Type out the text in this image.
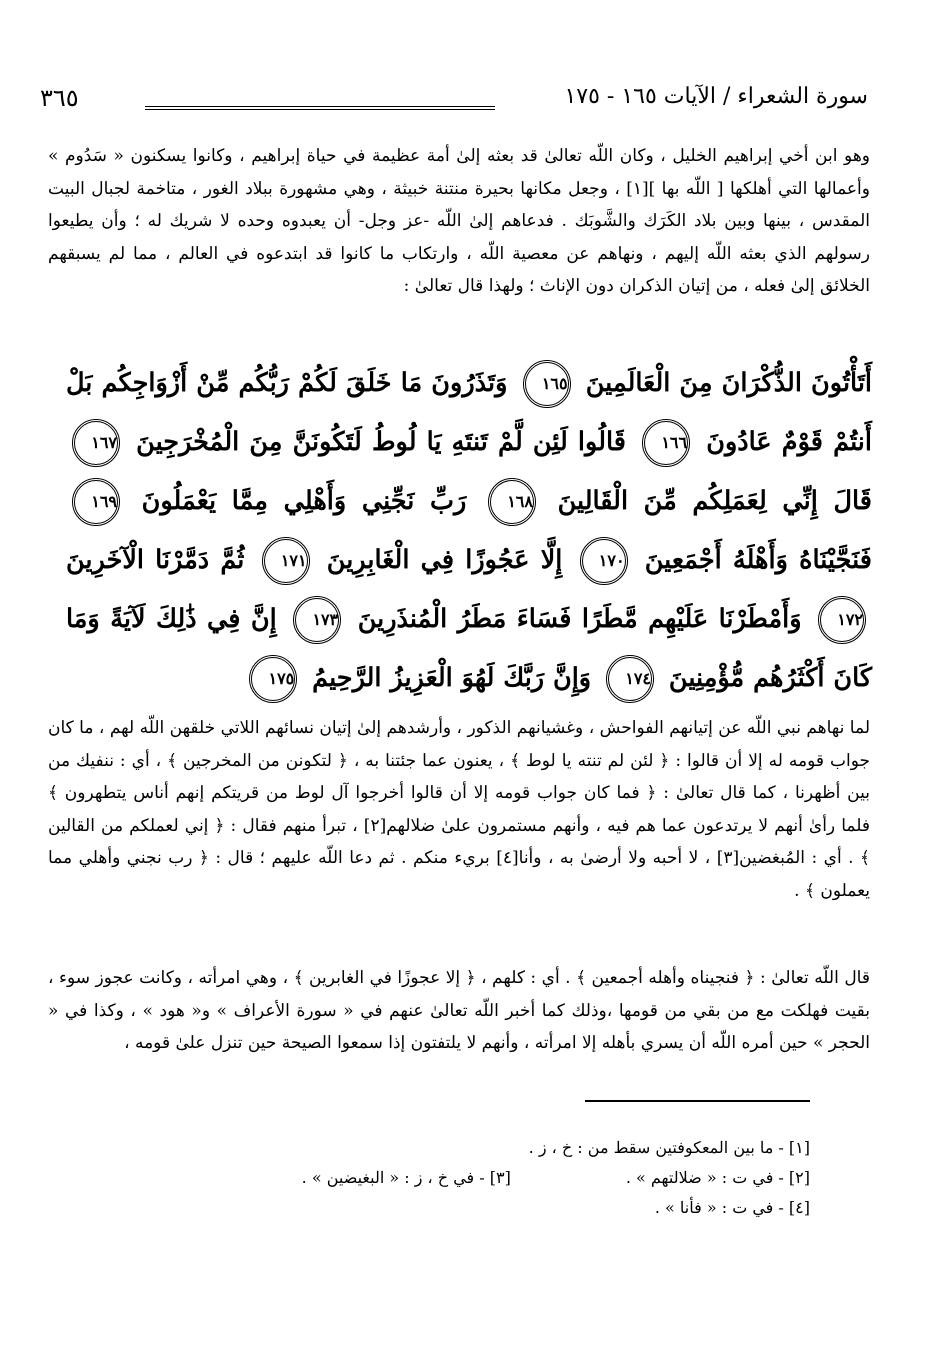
سورة الشعراء / الآيات ١٦٥ - ١٧٥
٣٦٥

وهو ابن أخي إبراهيم الخليل ، وكان اللّه تعالىٰ قد بعثه إلىٰ أمة عظيمة في حياة إبراهيم ، وكانوا يسكنون « سَدُوم » وأعمالها التي أهلكها [ اللّه بها ][١] ، وجعل مكانها بحيرة منتنة خبيثة ، وهي مشهورة ببلاد الغور ، متاخمة لجبال البيت المقدس ، بينها وبين بلاد الكَرَك والشَّوبَك . فدعاهم إلىٰ اللّه -عز وجل- أن يعبدوه وحده لا شريك له ؛ وأن يطيعوا رسولهم الذي بعثه اللّه إليهم ، ونهاهم عن معصية اللّه ، وارتكاب ما كانوا قد ابتدعوه في العالم ، مما لم يسبقهم الخلائق إلىٰ فعله ، من إتيان الذكران دون الإناث ؛ ولهذا قال تعالىٰ :

أَتَأْتُونَ الذُّكْرَانَ مِنَ الْعَالَمِينَ ١٦٥ وَتَذَرُونَ مَا خَلَقَ لَكُمْ رَبُّكُم مِّنْ أَزْوَاجِكُم بَلْ أَنتُمْ قَوْمٌ عَادُونَ ١٦٦ قَالُوا لَئِن لَّمْ تَنتَهِ يَا لُوطُ لَتَكُونَنَّ مِنَ الْمُخْرَجِينَ ١٦٧ قَالَ إِنِّي لِعَمَلِكُم مِّنَ الْقَالِينَ ١٦٨ رَبِّ نَجِّنِي وَأَهْلِي مِمَّا يَعْمَلُونَ ١٦٩ فَنَجَّيْنَاهُ وَأَهْلَهُ أَجْمَعِينَ ١٧٠ إِلَّا عَجُوزًا فِي الْغَابِرِينَ ١٧١ ثُمَّ دَمَّرْنَا الْآخَرِينَ ١٧٢ وَأَمْطَرْنَا عَلَيْهِم مَّطَرًا فَسَاءَ مَطَرُ الْمُنذَرِينَ ١٧٣ إِنَّ فِي ذَٰلِكَ لَآيَةً وَمَا كَانَ أَكْثَرُهُم مُّؤْمِنِينَ ١٧٤ وَإِنَّ رَبَّكَ لَهُوَ الْعَزِيزُ الرَّحِيمُ ١٧٥

لما نهاهم نبي اللّه عن إتيانهم الفواحش ، وغشيانهم الذكور ، وأرشدهم إلىٰ إتيان نسائهم اللاتي خلقهن اللّه لهم ، ما كان جواب قومه له إلا أن قالوا : ﴿ لئن لم تنته يا لوط ﴾ ، يعنون عما جئتنا به ، ﴿ لتكونن من المخرجين ﴾ ، أي : ننفيك من بين أظهرنا ، كما قال تعالىٰ : ﴿ فما كان جواب قومه إلا أن قالوا أخرجوا آل لوط من قريتكم إنهم أناس يتطهرون ﴾ فلما رأىٰ أنهم لا يرتدعون عما هم فيه ، وأنهم مستمرون علىٰ ضلالهم[٢] ، تبرأ منهم فقال : ﴿ إني لعملكم من القالين ﴾ . أي : المُبغضين[٣] ، لا أحبه ولا أرضىٰ به ، وأنا[٤] بريء منكم . ثم دعا اللّه عليهم ؛ قال : ﴿ رب نجني وأهلي مما يعملون ﴾ .

قال اللّه تعالىٰ : ﴿ فنجيناه وأهله أجمعين ﴾ . أي : كلهم ، ﴿ إلا عجوزًا في الغابرين ﴾ ، وهي امرأته ، وكانت عجوز سوء ، بقيت فهلكت مع من بقي من قومها ،وذلك كما أخبر اللّه تعالىٰ عنهم في « سورة الأعراف » و« هود » ، وكذا في « الحجر » حين أمره اللّه أن يسري بأهله إلا امرأته ، وأنهم لا يلتفتون إذا سمعوا الصيحة حين تنزل علىٰ قومه ،

[١] - ما بين المعكوفتين سقط من : خ ، ز .
[٢] - في ت : « ضلالتهم » .
[٣] - في خ ، ز : « البغيضين » .
[٤] - في ت : « فأنا » .
